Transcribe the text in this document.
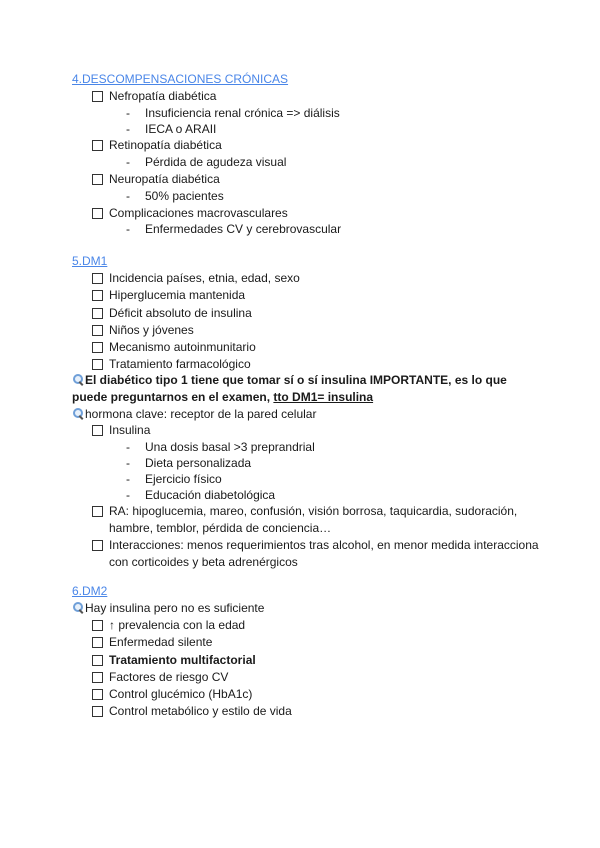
4.DESCOMPENSACIONES CRÓNICAS
Nefropatía diabética
-	Insuficiencia renal crónica => diálisis
-	IECA o ARAII
Retinopatía diabética
-	Pérdida de agudeza visual
Neuropatía diabética
-	50% pacientes
Complicaciones macrovasculares
-	Enfermedades CV y cerebrovascular
5.DM1
Incidencia países, etnia, edad, sexo
Hiperglucemia mantenida
Déficit absoluto de insulina
Niños y jóvenes
Mecanismo autoinmunitario
Tratamiento farmacológico
El diabético tipo 1 tiene que tomar sí o sí insulina IMPORTANTE, es lo que puede preguntarnos en el examen, tto DM1= insulina
hormona clave: receptor de la pared celular
Insulina
-	Una dosis basal >3 preprandrial
-	Dieta personalizada
-	Ejercicio físico
-	Educación diabetológica
RA: hipoglucemia, mareo, confusión, visión borrosa, taquicardia, sudoración, hambre, temblor, pérdida de conciencia…
Interacciones: menos requerimientos tras alcohol, en menor medida interacciona con corticoides y beta adrenérgicos
6.DM2
Hay insulina pero no es suficiente
↑ prevalencia con la edad
Enfermedad silente
Tratamiento multifactorial
Factores de riesgo CV
Control glucémico (HbA1c)
Control metabólico y estilo de vida
